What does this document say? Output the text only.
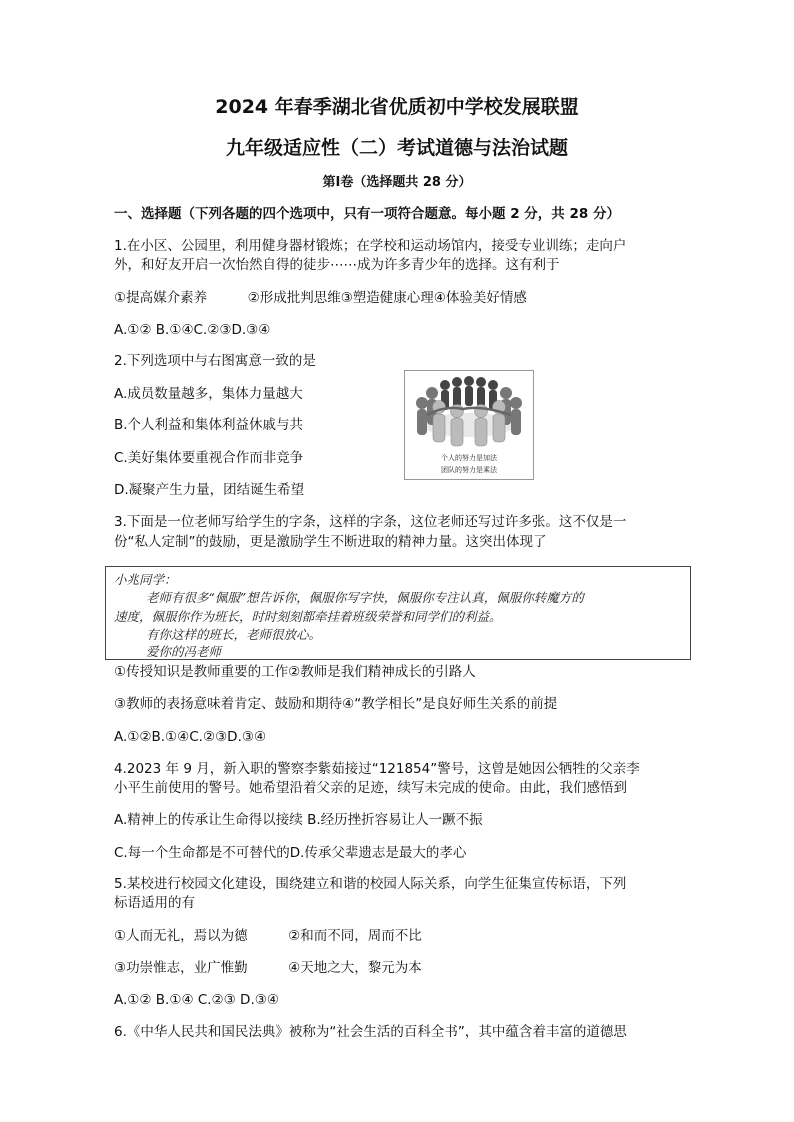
2024 年春季湖北省优质初中学校发展联盟
九年级适应性（二）考试道德与法治试题
第Ⅰ卷（选择题共 28 分）
一、选择题（下列各题的四个选项中，只有一项符合题意。每小题 2 分，共 28 分）
1.在小区、公园里，利用健身器材锻炼；在学校和运动场馆内，接受专业训练；走向户
外，和好友开启一次怡然自得的徒步⋯⋯成为许多青少年的选择。这有利于
①提高媒介素养　　　②形成批判思维③塑造健康心理④体验美好情感
A.①② B.①④C.②③D.③④
2.下列选项中与右图寓意一致的是
A.成员数量越多，集体力量越大
B.个人利益和集体利益休戚与共
C.美好集体要重视合作而非竞争
D.凝聚产生力量，团结诞生希望
个人的努力是加法
团队的努力是乘法
3.下面是一位老师写给学生的字条，这样的字条，这位老师还写过许多张。这不仅是一
份“私人定制”的鼓励，更是激励学生不断进取的精神力量。这突出体现了
小兆同学：
老师有很多“佩服”想告诉你，佩服你写字快，佩服你专注认真，佩服你转魔方的
速度，佩服你作为班长，时时刻刻都牵挂着班级荣誉和同学们的利益。
有你这样的班长，老师很放心。
爱你的冯老师
①传授知识是教师重要的工作②教师是我们精神成长的引路人
③教师的表扬意味着肯定、鼓励和期待④“教学相长”是良好师生关系的前提
A.①②B.①④C.②③D.③④
4.2023 年 9 月，新入职的警察李紫茹接过“121854”警号，这曾是她因公牺牲的父亲李
小平生前使用的警号。她希望沿着父亲的足迹，续写未完成的使命。由此，我们感悟到
A.精神上的传承让生命得以接续 B.经历挫折容易让人一蹶不振
C.每一个生命都是不可替代的D.传承父辈遗志是最大的孝心
5.某校进行校园文化建设，围绕建立和谐的校园人际关系，向学生征集宣传标语，下列
标语适用的有
①人而无礼，焉以为德　　　②和而不同，周而不比
③功崇惟志，业广惟勤　　　④天地之大，黎元为本
A.①② B.①④ C.②③ D.③④
6.《中华人民共和国民法典》被称为“社会生活的百科全书”，其中蕴含着丰富的道德思
